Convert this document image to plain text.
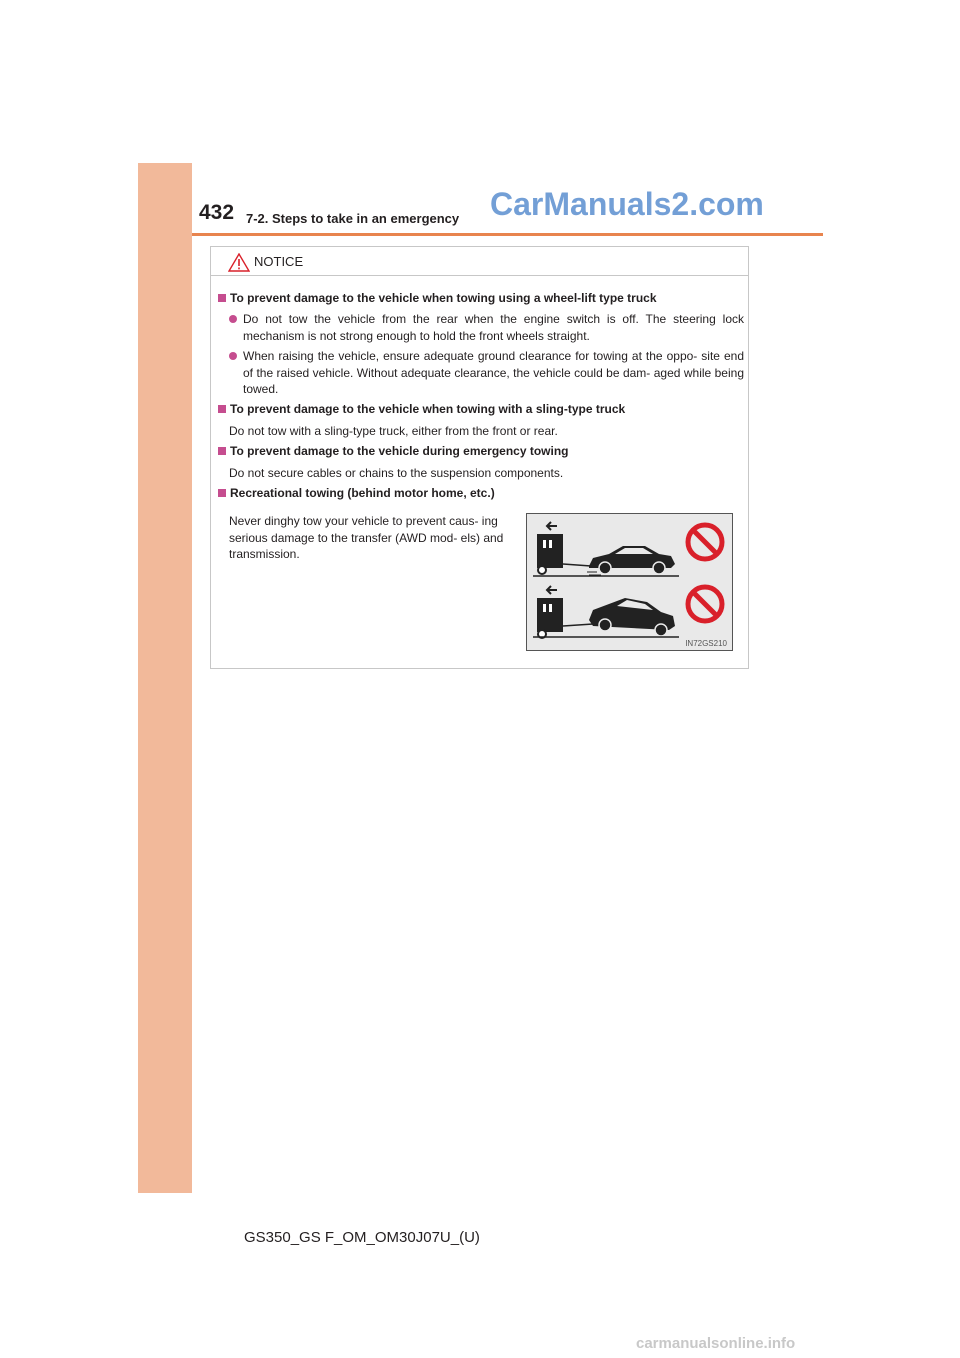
432 7-2. Steps to take in an emergency CarManuals2.com
NOTICE
To prevent damage to the vehicle when towing using a wheel-lift type truck
Do not tow the vehicle from the rear when the engine switch is off. The steering lock mechanism is not strong enough to hold the front wheels straight.
When raising the vehicle, ensure adequate ground clearance for towing at the oppo- site end of the raised vehicle. Without adequate clearance, the vehicle could be dam- aged while being towed.
To prevent damage to the vehicle when towing with a sling-type truck
Do not tow with a sling-type truck, either from the front or rear.
To prevent damage to the vehicle during emergency towing
Do not secure cables or chains to the suspension components.
Recreational towing (behind motor home, etc.)
Never dinghy tow your vehicle to prevent caus- ing serious damage to the transfer (AWD mod- els) and transmission.
IN72GS210
GS350_GS F_OM_OM30J07U_(U)
carmanualsonline.info
